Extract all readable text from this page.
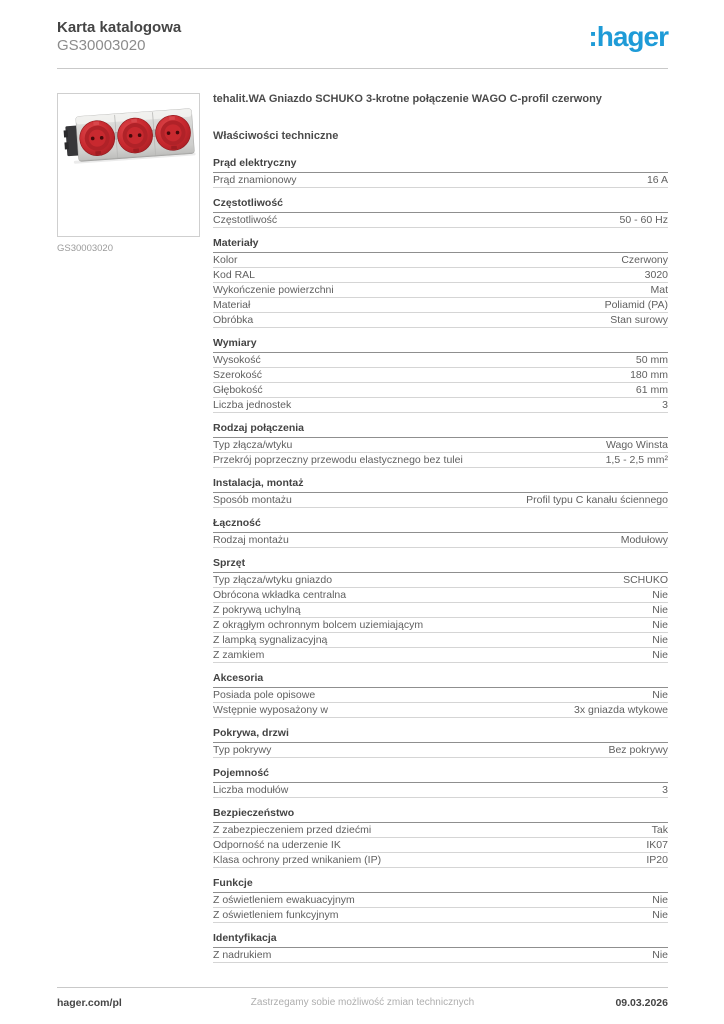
Karta katalogowa
GS30003020	:hager
GS30003020
tehalit.WA Gniazdo SCHUKO 3-krotne połączenie WAGO C-profil czerwony
Właściwości techniczne
Prąd elektryczny
Prąd znamionowy	16 A
Częstotliwość
Częstotliwość	50 - 60 Hz
Materiały
Kolor	Czerwony
Kod RAL	3020
Wykończenie powierzchni	Mat
Materiał	Poliamid (PA)
Obróbka	Stan surowy
Wymiary
Wysokość	50 mm
Szerokość	180 mm
Głębokość	61 mm
Liczba jednostek	3
Rodzaj połączenia
Typ złącza/wtyku	Wago Winsta
Przekrój poprzeczny przewodu elastycznego bez tulei	1,5 - 2,5 mm²
Instalacja, montaż
Sposób montażu	Profil typu C kanału ściennego
Łączność
Rodzaj montażu	Modułowy
Sprzęt
Typ złącza/wtyku gniazdo	SCHUKO
Obrócona wkładka centralna	Nie
Z pokrywą uchylną	Nie
Z okrągłym ochronnym bolcem uziemiającym	Nie
Z lampką sygnalizacyjną	Nie
Z zamkiem	Nie
Akcesoria
Posiada pole opisowe	Nie
Wstępnie wyposażony w	3x gniazda wtykowe
Pokrywa, drzwi
Typ pokrywy	Bez pokrywy
Pojemność
Liczba modułów	3
Bezpieczeństwo
Z zabezpieczeniem przed dziećmi	Tak
Odporność na uderzenie IK	IK07
Klasa ochrony przed wnikaniem (IP)	IP20
Funkcje
Z oświetleniem ewakuacyjnym	Nie
Z oświetleniem funkcyjnym	Nie
Identyfikacja
Z nadrukiem	Nie
hager.com/pl	Zastrzegamy sobie możliwość zmian technicznych	09.03.2026
